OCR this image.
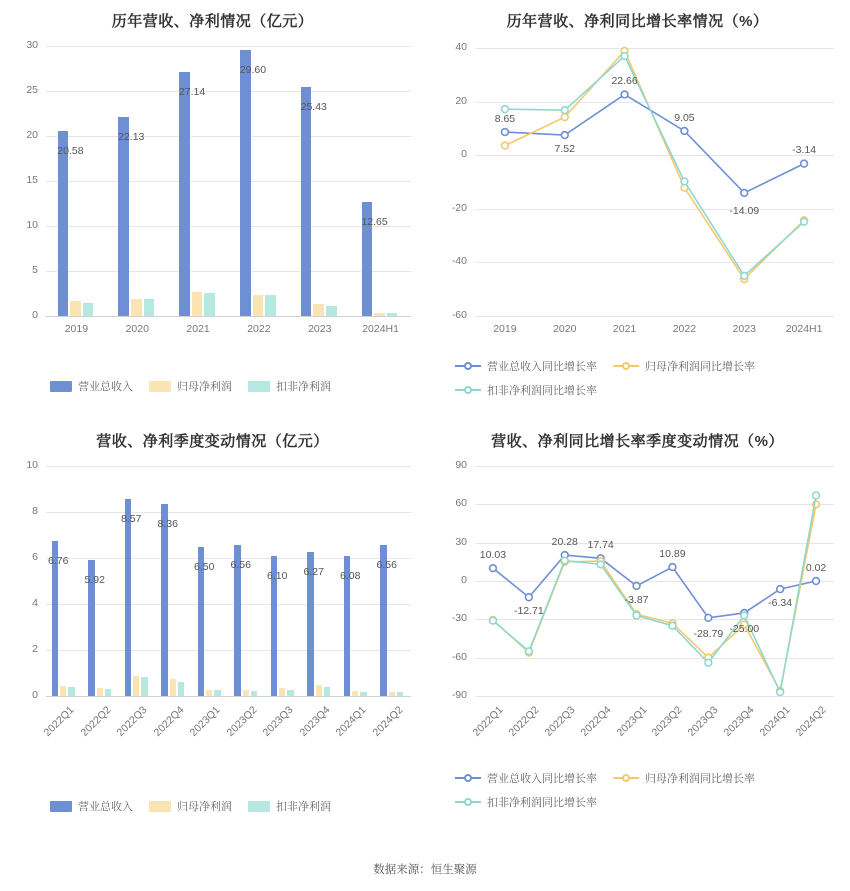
历年营收、净利情况（亿元）
0
5
10
15
20
25
30
2019
20.58
2020
22.13
2021
27.14
2022
29.60
2023
25.43
2024H1
12.65
营业总收入	归母净利润	扣非净利润
历年营收、净利同比增长率情况（%）
-60
-40
-20
0
20
40
2019
8.65
2020
7.52
2021
22.66
2022
9.05
2023
-14.09
2024H1
-3.14
营业总收入同比增长率	归母净利润同比增长率
扣非净利润同比增长率
营收、净利季度变动情况（亿元）
0
2
4
6
8
10
2022Q1
6.76
2022Q2
5.92
2022Q3
8.57
2022Q4
8.36
2023Q1
6.50
2023Q2
6.56
2023Q3
6.10
2023Q4
6.27
2024Q1
6.08
2024Q2
6.56
营业总收入	归母净利润	扣非净利润
营收、净利同比增长率季度变动情况（%）
-90
-60
-30
0
30
60
90
2022Q1
10.03
2022Q2
-12.71
2022Q3
20.28
2022Q4
17.74
2023Q1
-3.87
2023Q2
10.89
2023Q3
-28.79
2023Q4
-25.00
2024Q1
-6.34
2024Q2
0.02
营业总收入同比增长率	归母净利润同比增长率
扣非净利润同比增长率
数据来源：恒生聚源
